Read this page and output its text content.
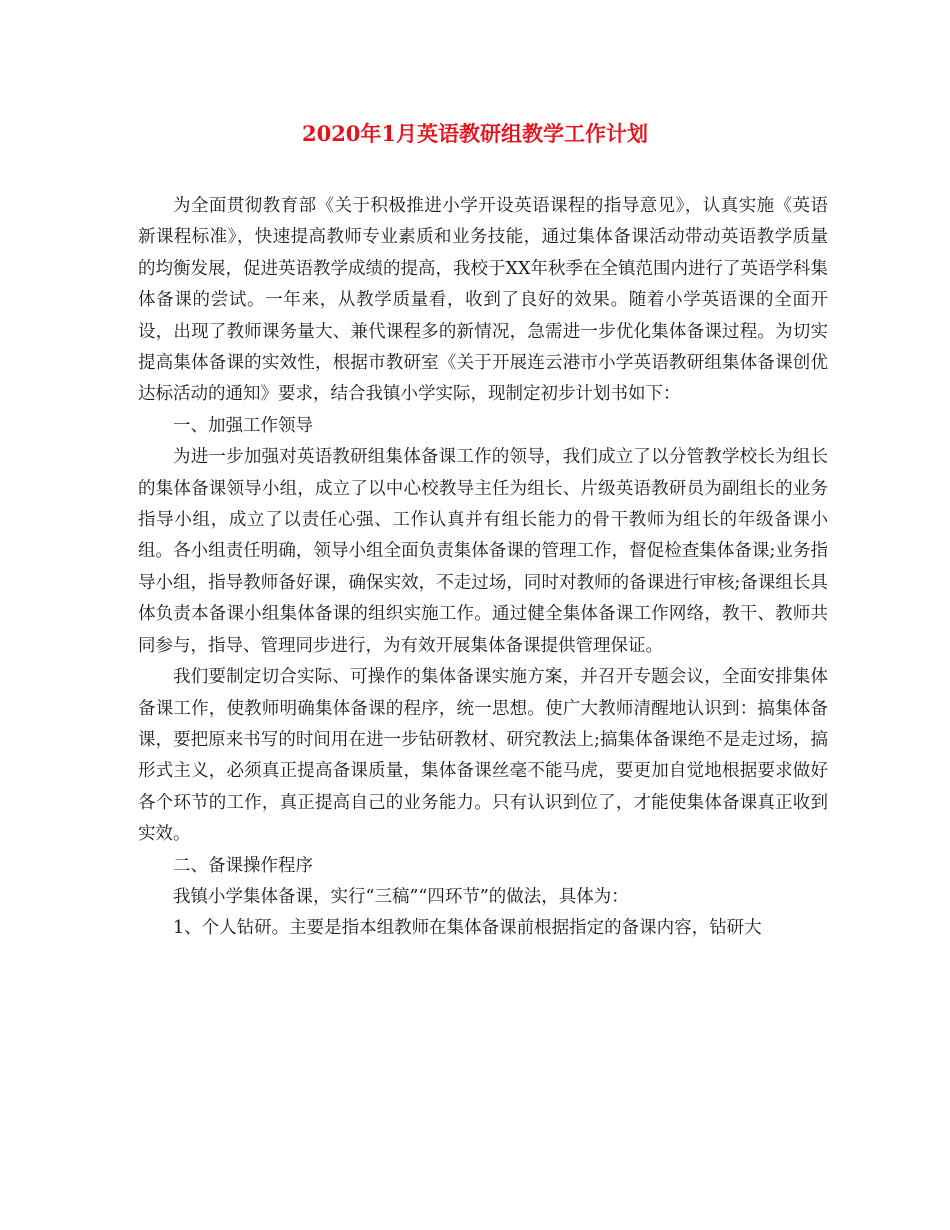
2020年1月英语教研组教学工作计划

为全面贯彻教育部《关于积极推进小学开设英语课程的指导意见》，认真实施《英语新课程标准》，快速提高教师专业素质和业务技能，通过集体备课活动带动英语教学质量的均衡发展，促进英语教学成绩的提高，我校于XX年秋季在全镇范围内进行了英语学科集体备课的尝试。一年来，从教学质量看，收到了良好的效果。随着小学英语课的全面开设，出现了教师课务量大、兼代课程多的新情况，急需进一步优化集体备课过程。为切实提高集体备课的实效性，根据市教研室《关于开展连云港市小学英语教研组集体备课创优达标活动的通知》要求，结合我镇小学实际，现制定初步计划书如下：

一、加强工作领导

为进一步加强对英语教研组集体备课工作的领导，我们成立了以分管教学校长为组长的集体备课领导小组，成立了以中心校教导主任为组长、片级英语教研员为副组长的业务指导小组，成立了以责任心强、工作认真并有组长能力的骨干教师为组长的年级备课小组。各小组责任明确，领导小组全面负责集体备课的管理工作，督促检查集体备课;业务指导小组，指导教师备好课，确保实效，不走过场，同时对教师的备课进行审核;备课组长具体负责本备课小组集体备课的组织实施工作。通过健全集体备课工作网络，教干、教师共同参与，指导、管理同步进行，为有效开展集体备课提供管理保证。

我们要制定切合实际、可操作的集体备课实施方案，并召开专题会议，全面安排集体备课工作，使教师明确集体备课的程序，统一思想。使广大教师清醒地认识到：搞集体备课，要把原来书写的时间用在进一步钻研教材、研究教法上;搞集体备课绝不是走过场，搞形式主义，必须真正提高备课质量，集体备课丝毫不能马虎，要更加自觉地根据要求做好各个环节的工作，真正提高自己的业务能力。只有认识到位了，才能使集体备课真正收到实效。

二、备课操作程序

我镇小学集体备课，实行“三稿”“四环节”的做法，具体为：

1、个人钻研。主要是指本组教师在集体备课前根据指定的备课内容，钻研大
